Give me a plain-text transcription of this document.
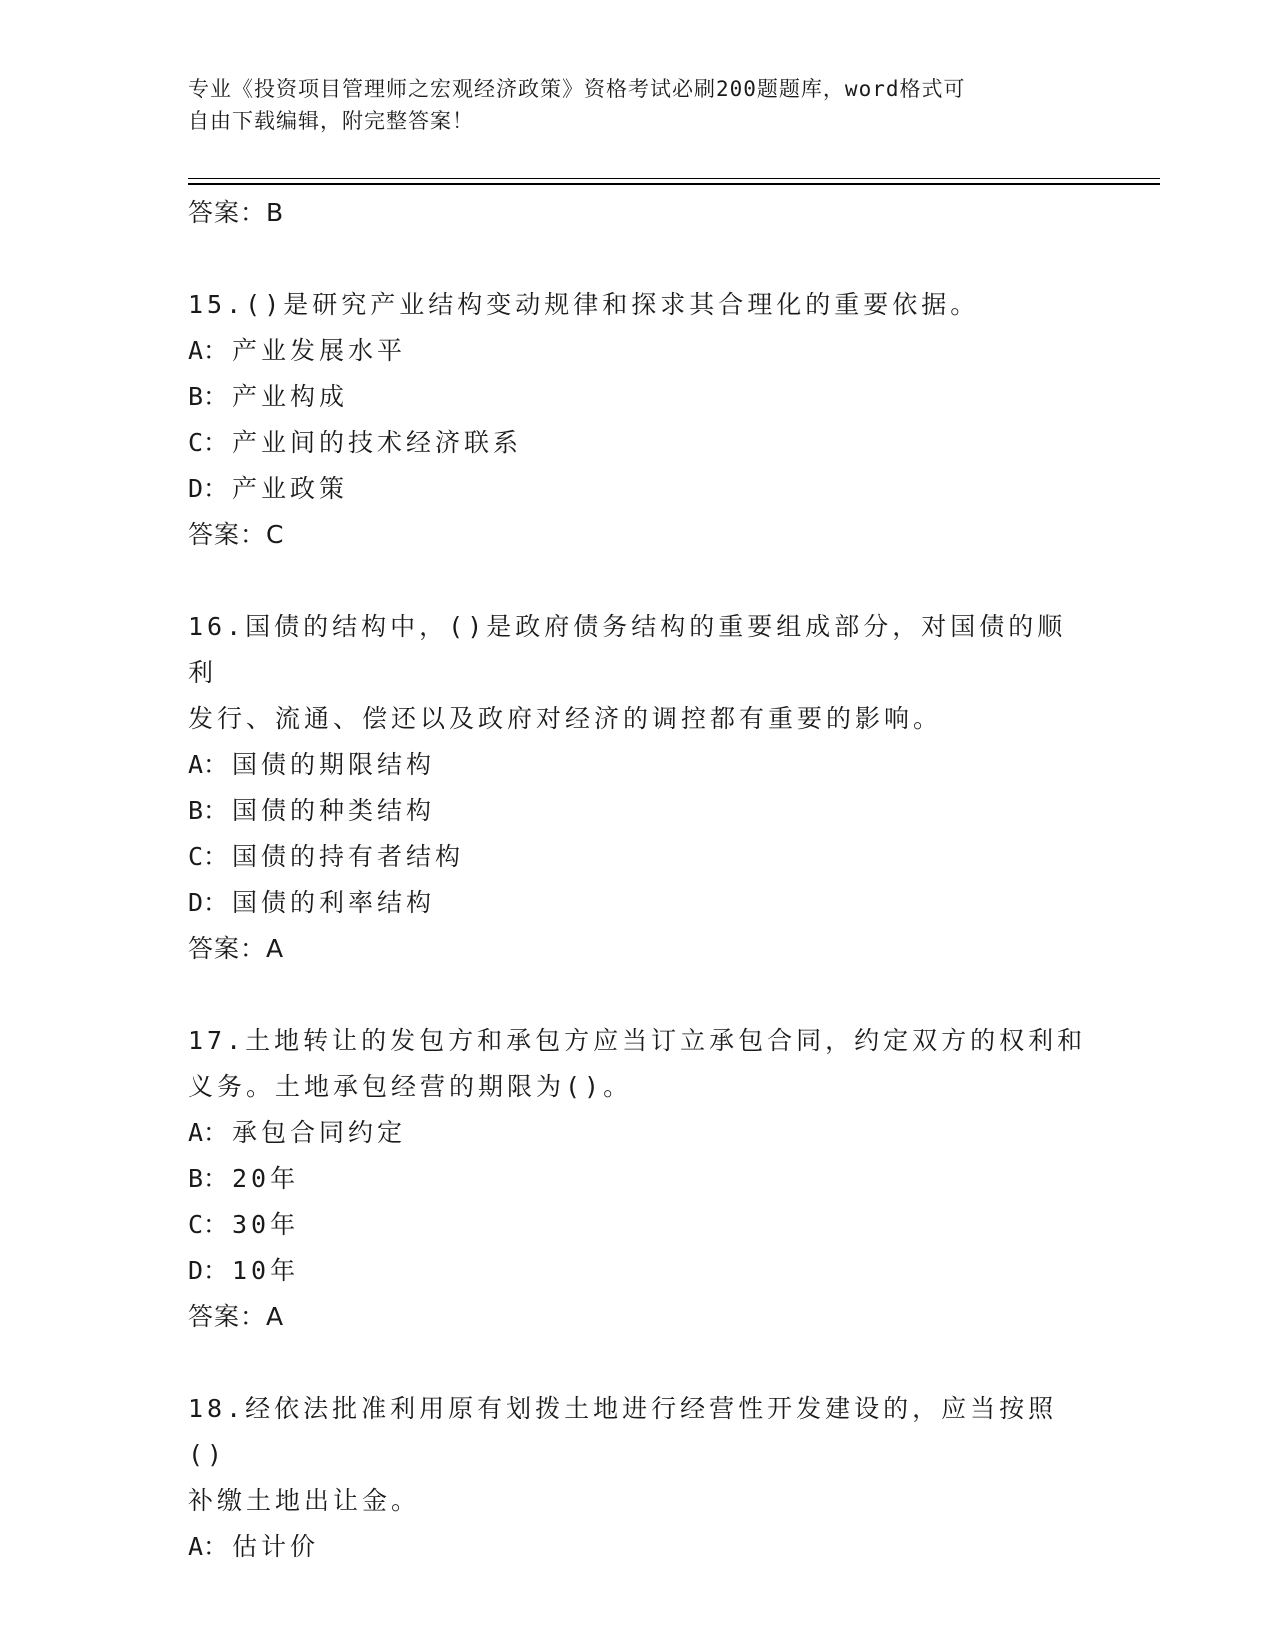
专业《投资项目管理师之宏观经济政策》资格考试必刷200题题库，word格式可
自由下载编辑，附完整答案！
答案：B
15.()是研究产业结构变动规律和探求其合理化的重要依据。
A： 产业发展水平
B： 产业构成
C： 产业间的技术经济联系
D： 产业政策
答案：C
16.国债的结构中，()是政府债务结构的重要组成部分，对国债的顺利
发行、流通、偿还以及政府对经济的调控都有重要的影响。
A： 国债的期限结构
B： 国债的种类结构
C： 国债的持有者结构
D： 国债的利率结构
答案：A
17.土地转让的发包方和承包方应当订立承包合同，约定双方的权利和
义务。土地承包经营的期限为()。
A： 承包合同约定
B： 20年
C： 30年
D： 10年
答案：A
18.经依法批准利用原有划拨土地进行经营性开发建设的，应当按照()
补缴土地出让金。
A： 估计价
